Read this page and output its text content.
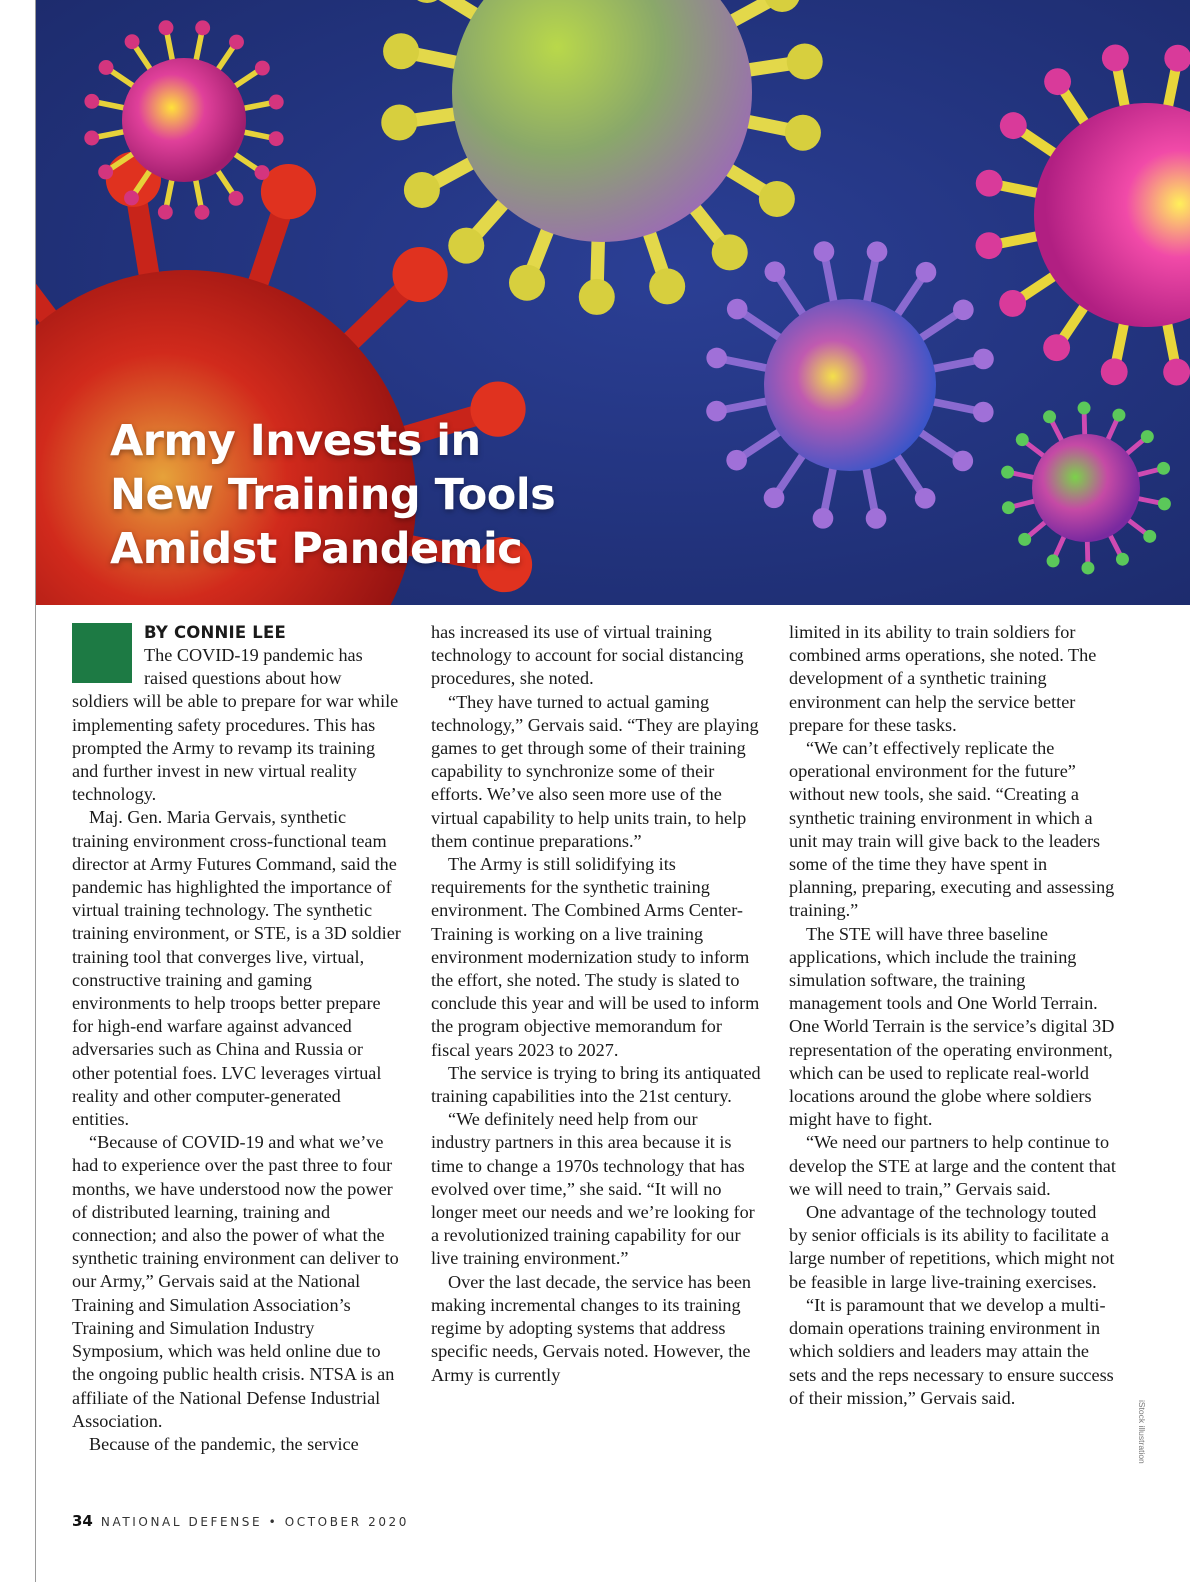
Army Invests in
New Training Tools
Amidst Pandemic
BY CONNIE LEE

The COVID-19 pandemic has raised questions about how soldiers will be able to prepare for war while implementing safety procedures. This has prompted the Army to revamp its training and further invest in new virtual reality technology.

Maj. Gen. Maria Gervais, synthetic training environment cross-functional team director at Army Futures Command, said the pandemic has highlighted the importance of virtual training technology. The synthetic training environment, or STE, is a 3D soldier training tool that converges live, virtual, constructive training and gaming environments to help troops better prepare for high-end warfare against advanced adversaries such as China and Russia or other potential foes. LVC leverages virtual reality and other computer-generated entities.

“Because of COVID-19 and what we’ve had to experience over the past three to four months, we have understood now the power of distributed learning, training and connection; and also the power of what the synthetic training environment can deliver to our Army,” Gervais said at the National Training and Simulation Association’s Training and Simulation Industry Symposium, which was held online due to the ongoing public health crisis. NTSA is an affiliate of the National Defense Industrial Association.

Because of the pandemic, the service

has increased its use of virtual training technology to account for social distancing procedures, she noted.

“They have turned to actual gaming technology,” Gervais said. “They are playing games to get through some of their training capability to synchronize some of their efforts. We’ve also seen more use of the virtual capability to help units train, to help them continue preparations.”

The Army is still solidifying its requirements for the synthetic training environment. The Combined Arms Center-Training is working on a live training environment modernization study to inform the effort, she noted. The study is slated to conclude this year and will be used to inform the program objective memorandum for fiscal years 2023 to 2027.

The service is trying to bring its antiquated training capabilities into the 21st century.

“We definitely need help from our industry partners in this area because it is time to change a 1970s technology that has evolved over time,” she said. “It will no longer meet our needs and we’re looking for a revolutionized training capability for our live training environment.”

Over the last decade, the service has been making incremental changes to its training regime by adopting systems that address specific needs, Gervais noted. However, the Army is currently

limited in its ability to train soldiers for combined arms operations, she noted. The development of a synthetic training environment can help the service better prepare for these tasks.

“We can’t effectively replicate the operational environment for the future” without new tools, she said. “Creating a synthetic training environment in which a unit may train will give back to the leaders some of the time they have spent in planning, preparing, executing and assessing training.”

The STE will have three baseline applications, which include the training simulation software, the training management tools and One World Terrain. One World Terrain is the service’s digital 3D representation of the operating environment, which can be used to replicate real-world locations around the globe where soldiers might have to fight.

“We need our partners to help continue to develop the STE at large and the content that we will need to train,” Gervais said.

One advantage of the technology touted by senior officials is its ability to facilitate a large number of repetitions, which might not be feasible in large live-training exercises.

“It is paramount that we develop a multi-domain operations training environment in which soldiers and leaders may attain the sets and the reps necessary to ensure success of their mission,” Gervais said.

iStock illustration
34 NATIONAL DEFENSE • OCTOBER 2020
